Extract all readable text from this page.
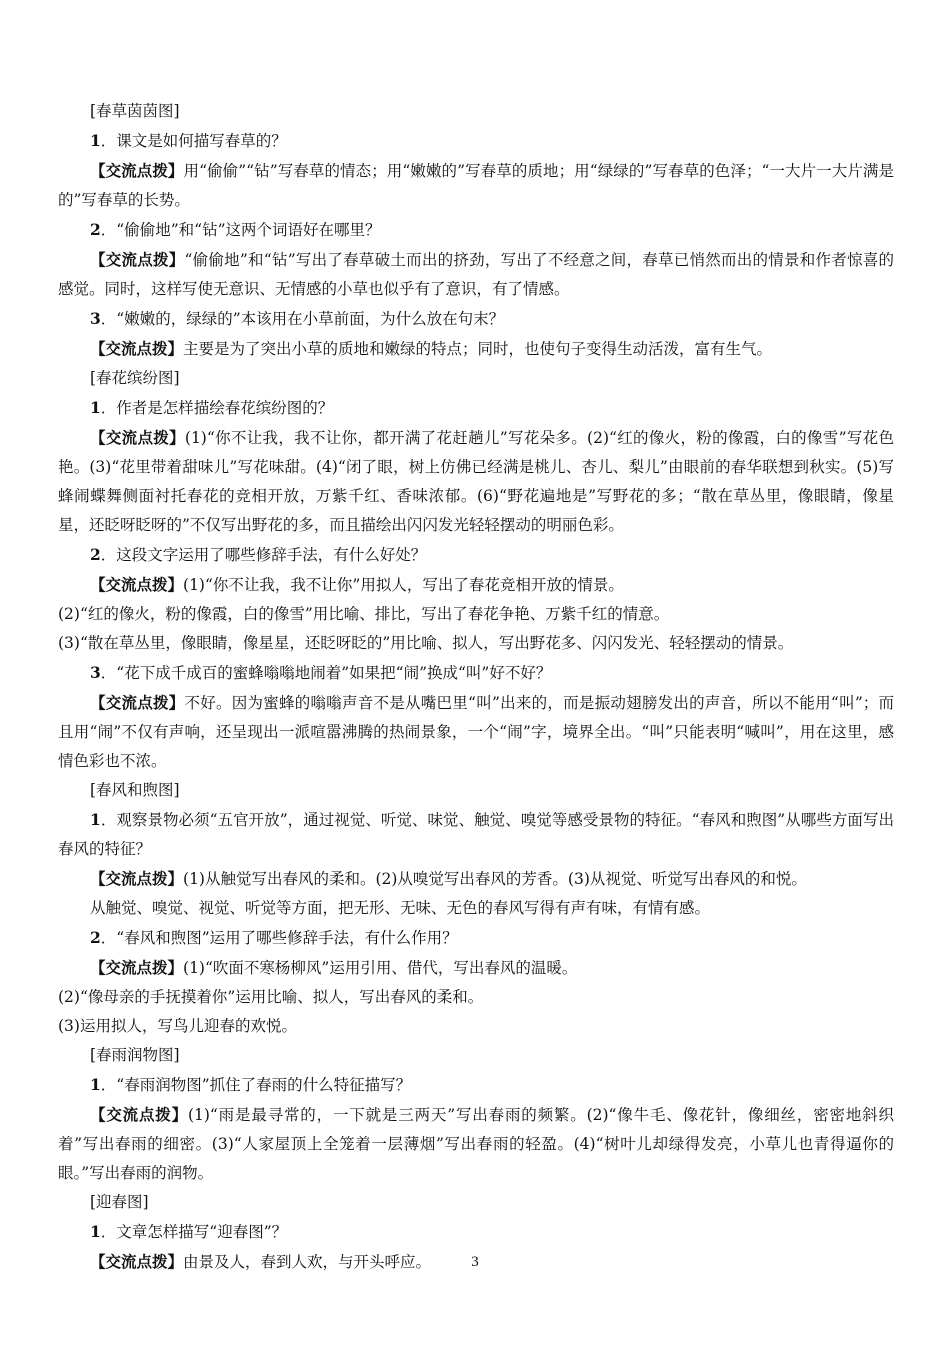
[春草茵茵图]

1．课文是如何描写春草的？

【交流点拨】用“偷偷”“钻”写春草的情态；用“嫩嫩的”写春草的质地；用“绿绿的”写春草的色泽；“一大片一大片满是的”写春草的长势。

2．“偷偷地”和“钻”这两个词语好在哪里？

【交流点拨】“偷偷地”和“钻”写出了春草破土而出的挤劲，写出了不经意之间，春草已悄然而出的情景和作者惊喜的感觉。同时，这样写使无意识、无情感的小草也似乎有了意识，有了情感。

3．“嫩嫩的，绿绿的”本该用在小草前面，为什么放在句末？

【交流点拨】主要是为了突出小草的质地和嫩绿的特点；同时，也使句子变得生动活泼，富有生气。

[春花缤纷图]

1．作者是怎样描绘春花缤纷图的？

【交流点拨】(1)“你不让我，我不让你，都开满了花赶趟儿”写花朵多。(2)“红的像火，粉的像霞，白的像雪”写花色艳。(3)“花里带着甜味儿”写花味甜。(4)“闭了眼，树上仿佛已经满是桃儿、杏儿、梨儿”由眼前的春华联想到秋实。(5)写蜂闹蝶舞侧面衬托春花的竞相开放，万紫千红、香味浓郁。(6)“野花遍地是”写野花的多；“散在草丛里，像眼睛，像星星，还眨呀眨呀的”不仅写出野花的多，而且描绘出闪闪发光轻轻摆动的明丽色彩。

2．这段文字运用了哪些修辞手法，有什么好处？

【交流点拨】(1)“你不让我，我不让你”用拟人，写出了春花竞相开放的情景。

(2)“红的像火，粉的像霞，白的像雪”用比喻、排比，写出了春花争艳、万紫千红的情意。

(3)“散在草丛里，像眼睛，像星星，还眨呀眨的”用比喻、拟人，写出野花多、闪闪发光、轻轻摆动的情景。

3．“花下成千成百的蜜蜂嗡嗡地闹着”如果把“闹”换成“叫”好不好？

【交流点拨】不好。因为蜜蜂的嗡嗡声音不是从嘴巴里“叫”出来的，而是振动翅膀发出的声音，所以不能用“叫”；而且用“闹”不仅有声响，还呈现出一派喧嚣沸腾的热闹景象，一个“闹”字，境界全出。“叫”只能表明“喊叫”，用在这里，感情色彩也不浓。

[春风和煦图]

1．观察景物必须“五官开放”，通过视觉、听觉、味觉、触觉、嗅觉等感受景物的特征。“春风和煦图”从哪些方面写出春风的特征？

【交流点拨】(1)从触觉写出春风的柔和。(2)从嗅觉写出春风的芳香。(3)从视觉、听觉写出春风的和悦。

从触觉、嗅觉、视觉、听觉等方面，把无形、无味、无色的春风写得有声有味，有情有感。

2．“春风和煦图”运用了哪些修辞手法，有什么作用？

【交流点拨】(1)“吹面不寒杨柳风”运用引用、借代，写出春风的温暖。

(2)“像母亲的手抚摸着你”运用比喻、拟人，写出春风的柔和。

(3)运用拟人，写鸟儿迎春的欢悦。

[春雨润物图]

1．“春雨润物图”抓住了春雨的什么特征描写？

【交流点拨】(1)“雨是最寻常的，一下就是三两天”写出春雨的频繁。(2)“像牛毛、像花针，像细丝，密密地斜织着”写出春雨的细密。(3)“人家屋顶上全笼着一层薄烟”写出春雨的轻盈。(4)“树叶儿却绿得发亮，小草儿也青得逼你的眼。”写出春雨的润物。

[迎春图]

1．文章怎样描写“迎春图”？

【交流点拨】由景及人，春到人欢，与开头呼应。	3
